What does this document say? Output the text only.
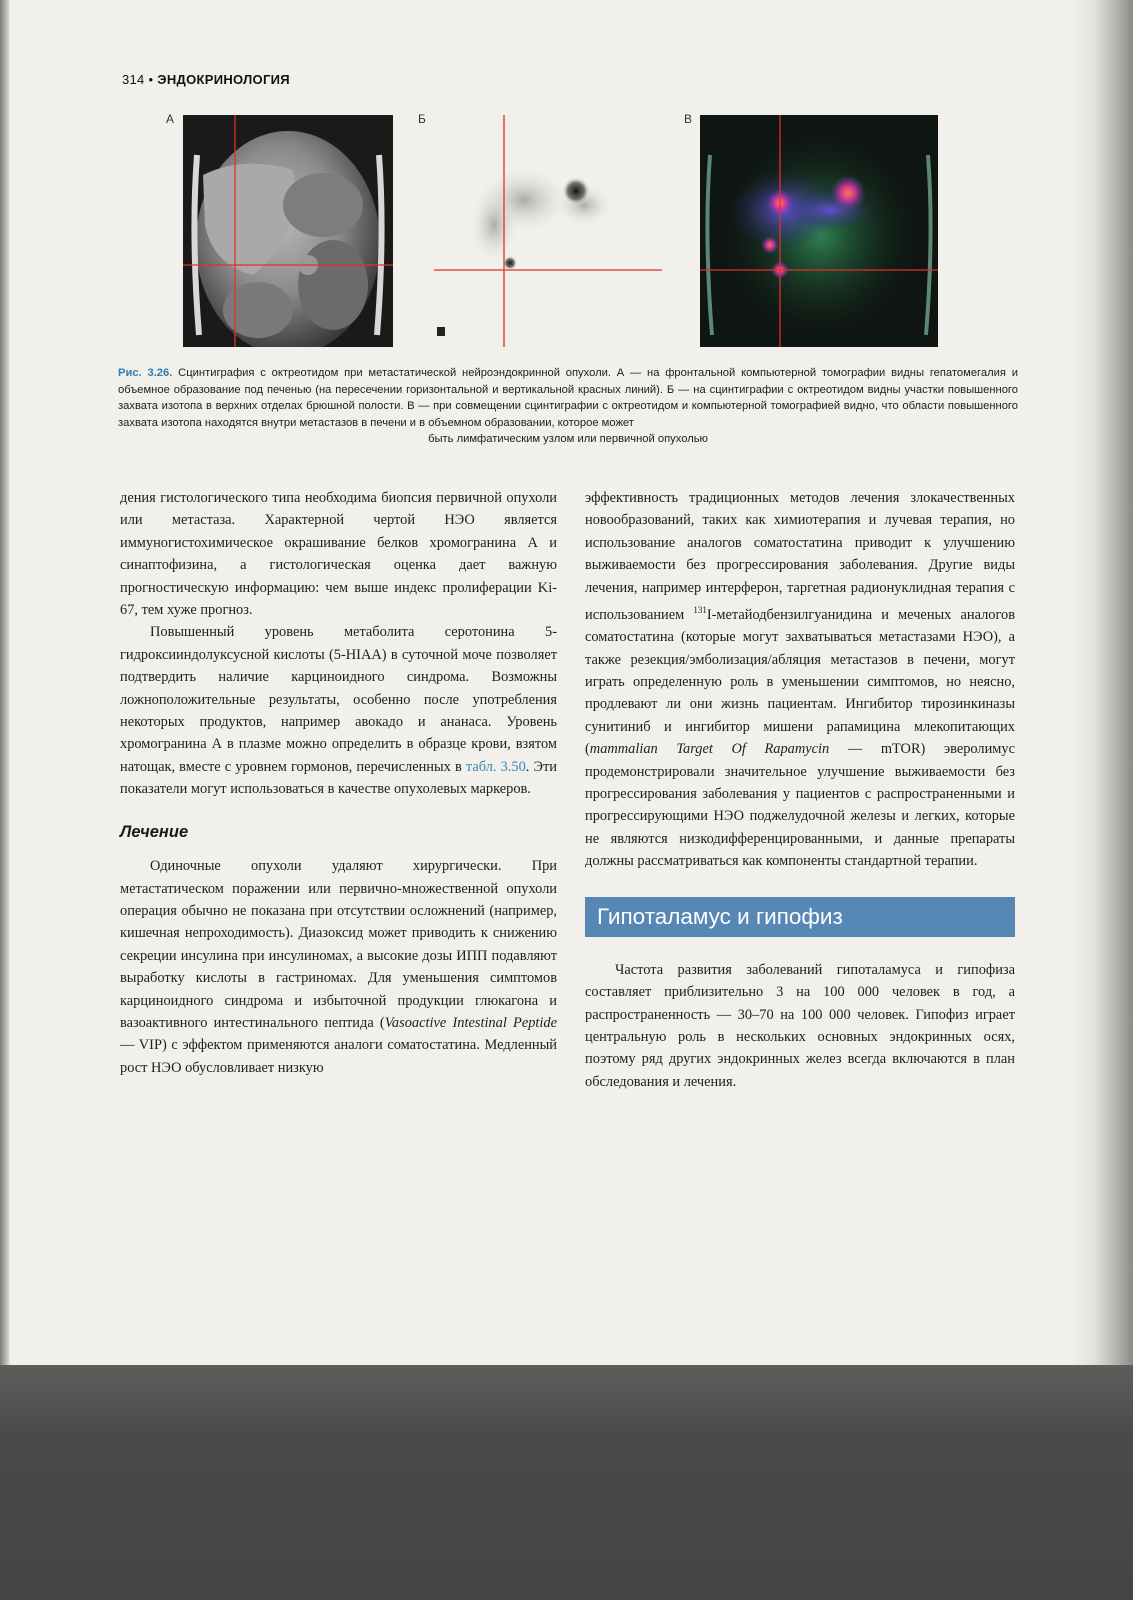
314 • ЭНДОКРИНОЛОГИЯ
А	Б	В
Рис. 3.26. Сцинтиграфия с октреотидом при метастатической нейроэндокринной опухоли. А — на фронтальной компьютерной томографии видны гепатомегалия и объемное образование под печенью (на пересечении горизонтальной и вертикальной красных линий). Б — на сцинтиграфии с октреотидом видны участки повышенного захвата изотопа в верхних отделах брюшной полости. В — при совмещении сцинтиграфии с октреотидом и компьютерной томографией видно, что области повышенного захвата изотопа находятся внутри метастазов в печени и в объемном образовании, которое может
быть лимфатическим узлом или первичной опухолью

дения гистологического типа необходима биопсия первичной опухоли или метастаза. Характерной чертой НЭО является иммуногистохимическое окрашивание белков хромогранина А и синаптофизина, а гистологическая оценка дает важную прогностическую информацию: чем выше индекс пролиферации Ki-67, тем хуже прогноз.

Повышенный уровень метаболита серотонина 5-гидроксииндолуксусной кислоты (5-HIAA) в суточной моче позволяет подтвердить наличие карциноидного синдрома. Возможны ложноположительные результаты, особенно после употребления некоторых продуктов, например авокадо и ананаса. Уровень хромогранина А в плазме можно определить в образце крови, взятом натощак, вместе с уровнем гормонов, перечисленных в табл. 3.50. Эти показатели могут использоваться в качестве опухолевых маркеров.

Лечение

Одиночные опухоли удаляют хирургически. При метастатическом поражении или первично-множественной опухоли операция обычно не показана при отсутствии осложнений (например, кишечная непроходимость). Диазоксид может приводить к снижению секреции инсулина при инсулиномах, а высокие дозы ИПП подавляют выработку кислоты в гастриномах. Для уменьшения симптомов карциноидного синдрома и избыточной продукции глюкагона и вазоактивного интестинального пептида (Vasoactive Intestinal Peptide — VIP) с эффектом применяются аналоги соматостатина. Медленный рост НЭО обусловливает низкую

эффективность традиционных методов лечения злокачественных новообразований, таких как химиотерапия и лучевая терапия, но использование аналогов соматостатина приводит к улучшению выживаемости без прогрессирования заболевания. Другие виды лечения, например интерферон, таргетная радионуклидная терапия с использованием $^{131}$I-метайодбензилгуанидина и меченых аналогов соматостатина (которые могут захватываться метастазами НЭО), а также резекция/эмболизация/абляция метастазов в печени, могут играть определенную роль в уменьшении симптомов, но неясно, продлевают ли они жизнь пациентам. Ингибитор тирозинкиназы сунитиниб и ингибитор мишени рапамицина млекопитающих (mammalian Target Of Rapamycin — mTOR) эверолимус продемонстрировали значительное улучшение выживаемости без прогрессирования заболевания у пациентов с распространенными и прогрессирующими НЭО поджелудочной железы и легких, которые не являются низкодифференцированными, и данные препараты должны рассматриваться как компоненты стандартной терапии.

Гипоталамус и гипофиз

Частота развития заболеваний гипоталамуса и гипофиза составляет приблизительно 3 на 100 000 человек в год, а распространенность — 30–70 на 100 000 человек. Гипофиз играет центральную роль в нескольких основных эндокринных осях, поэтому ряд других эндокринных желез всегда включаются в план обследования и лечения.
